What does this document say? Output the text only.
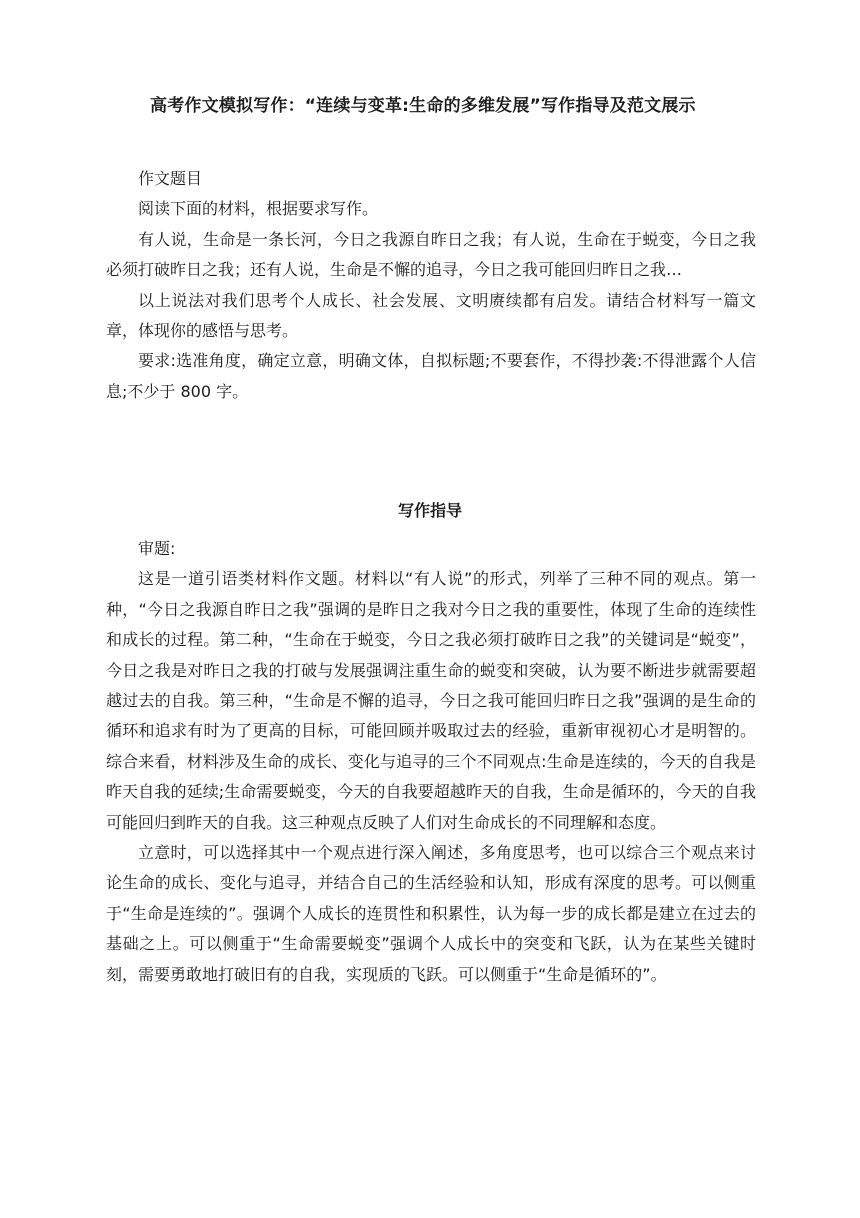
高考作文模拟写作：“连续与变革:生命的多维发展”写作指导及范文展示

作文题目

阅读下面的材料，根据要求写作。

有人说，生命是一条长河，今日之我源自昨日之我；有人说，生命在于蜕变，今日之我必须打破昨日之我；还有人说，生命是不懈的追寻，今日之我可能回归昨日之我…

以上说法对我们思考个人成长、社会发展、文明赓续都有启发。请结合材料写一篇文章，体现你的感悟与思考。

要求:选准角度，确定立意，明确文体，自拟标题;不要套作，不得抄袭:不得泄露个人信息;不少于 800 字。

写作指导

审题:

这是一道引语类材料作文题。材料以“有人说”的形式，列举了三种不同的观点。第一种，“今日之我源自昨日之我”强调的是昨日之我对今日之我的重要性，体现了生命的连续性和成长的过程。第二种，“生命在于蜕变，今日之我必须打破昨日之我”的关键词是“蜕变”，今日之我是对昨日之我的打破与发展强调注重生命的蜕变和突破，认为要不断进步就需要超越过去的自我。第三种，“生命是不懈的追寻，今日之我可能回归昨日之我”强调的是生命的循环和追求有时为了更高的目标，可能回顾并吸取过去的经验，重新审视初心才是明智的。综合来看，材料涉及生命的成长、变化与追寻的三个不同观点:生命是连续的，今天的自我是昨天自我的延续;生命需要蜕变，今天的自我要超越昨天的自我，生命是循环的，今天的自我可能回归到昨天的自我。这三种观点反映了人们对生命成长的不同理解和态度。

立意时，可以选择其中一个观点进行深入阐述，多角度思考，也可以综合三个观点来讨论生命的成长、变化与追寻，并结合自己的生活经验和认知，形成有深度的思考。可以侧重于“生命是连续的”。强调个人成长的连贯性和积累性，认为每一步的成长都是建立在过去的基础之上。可以侧重于“生命需要蜕变”强调个人成长中的突变和飞跃，认为在某些关键时刻，需要勇敢地打破旧有的自我，实现质的飞跃。可以侧重于“生命是循环的”。
